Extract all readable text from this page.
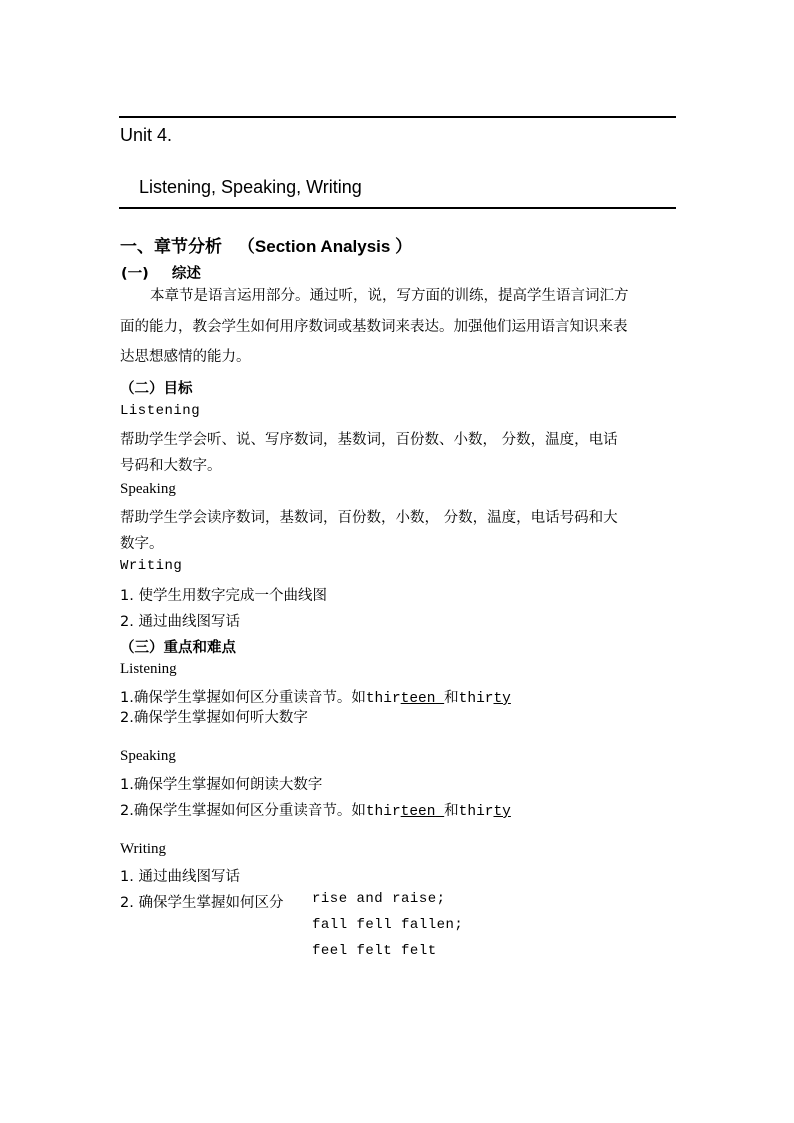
Unit 4.
Listening, Speaking, Writing
一、章节分析 （Section Analysis ）
(一) 综述
本章节是语言运用部分。通过听，说，写方面的训练，提高学生语言词汇方
面的能力，教会学生如何用序数词或基数词来表达。加强他们运用语言知识来表
达思想感情的能力。
（二）目标
Listening
帮助学生学会听、说、写序数词，基数词，百份数、小数， 分数，温度，电话
号码和大数字。
Speaking
帮助学生学会读序数词，基数词，百份数，小数， 分数，温度，电话号码和大
数字。
Writing
1. 使学生用数字完成一个曲线图
2. 通过曲线图写话
（三）重点和难点
Listening
1.确保学生掌握如何区分重读音节。如thirteen 和thirty
2.确保学生掌握如何听大数字
Speaking
1.确保学生掌握如何朗读大数字
2.确保学生掌握如何区分重读音节。如thirteen 和thirty
Writing
1. 通过曲线图写话
2. 确保学生掌握如何区分 rise and raise;
fall fell fallen;
feel felt felt
